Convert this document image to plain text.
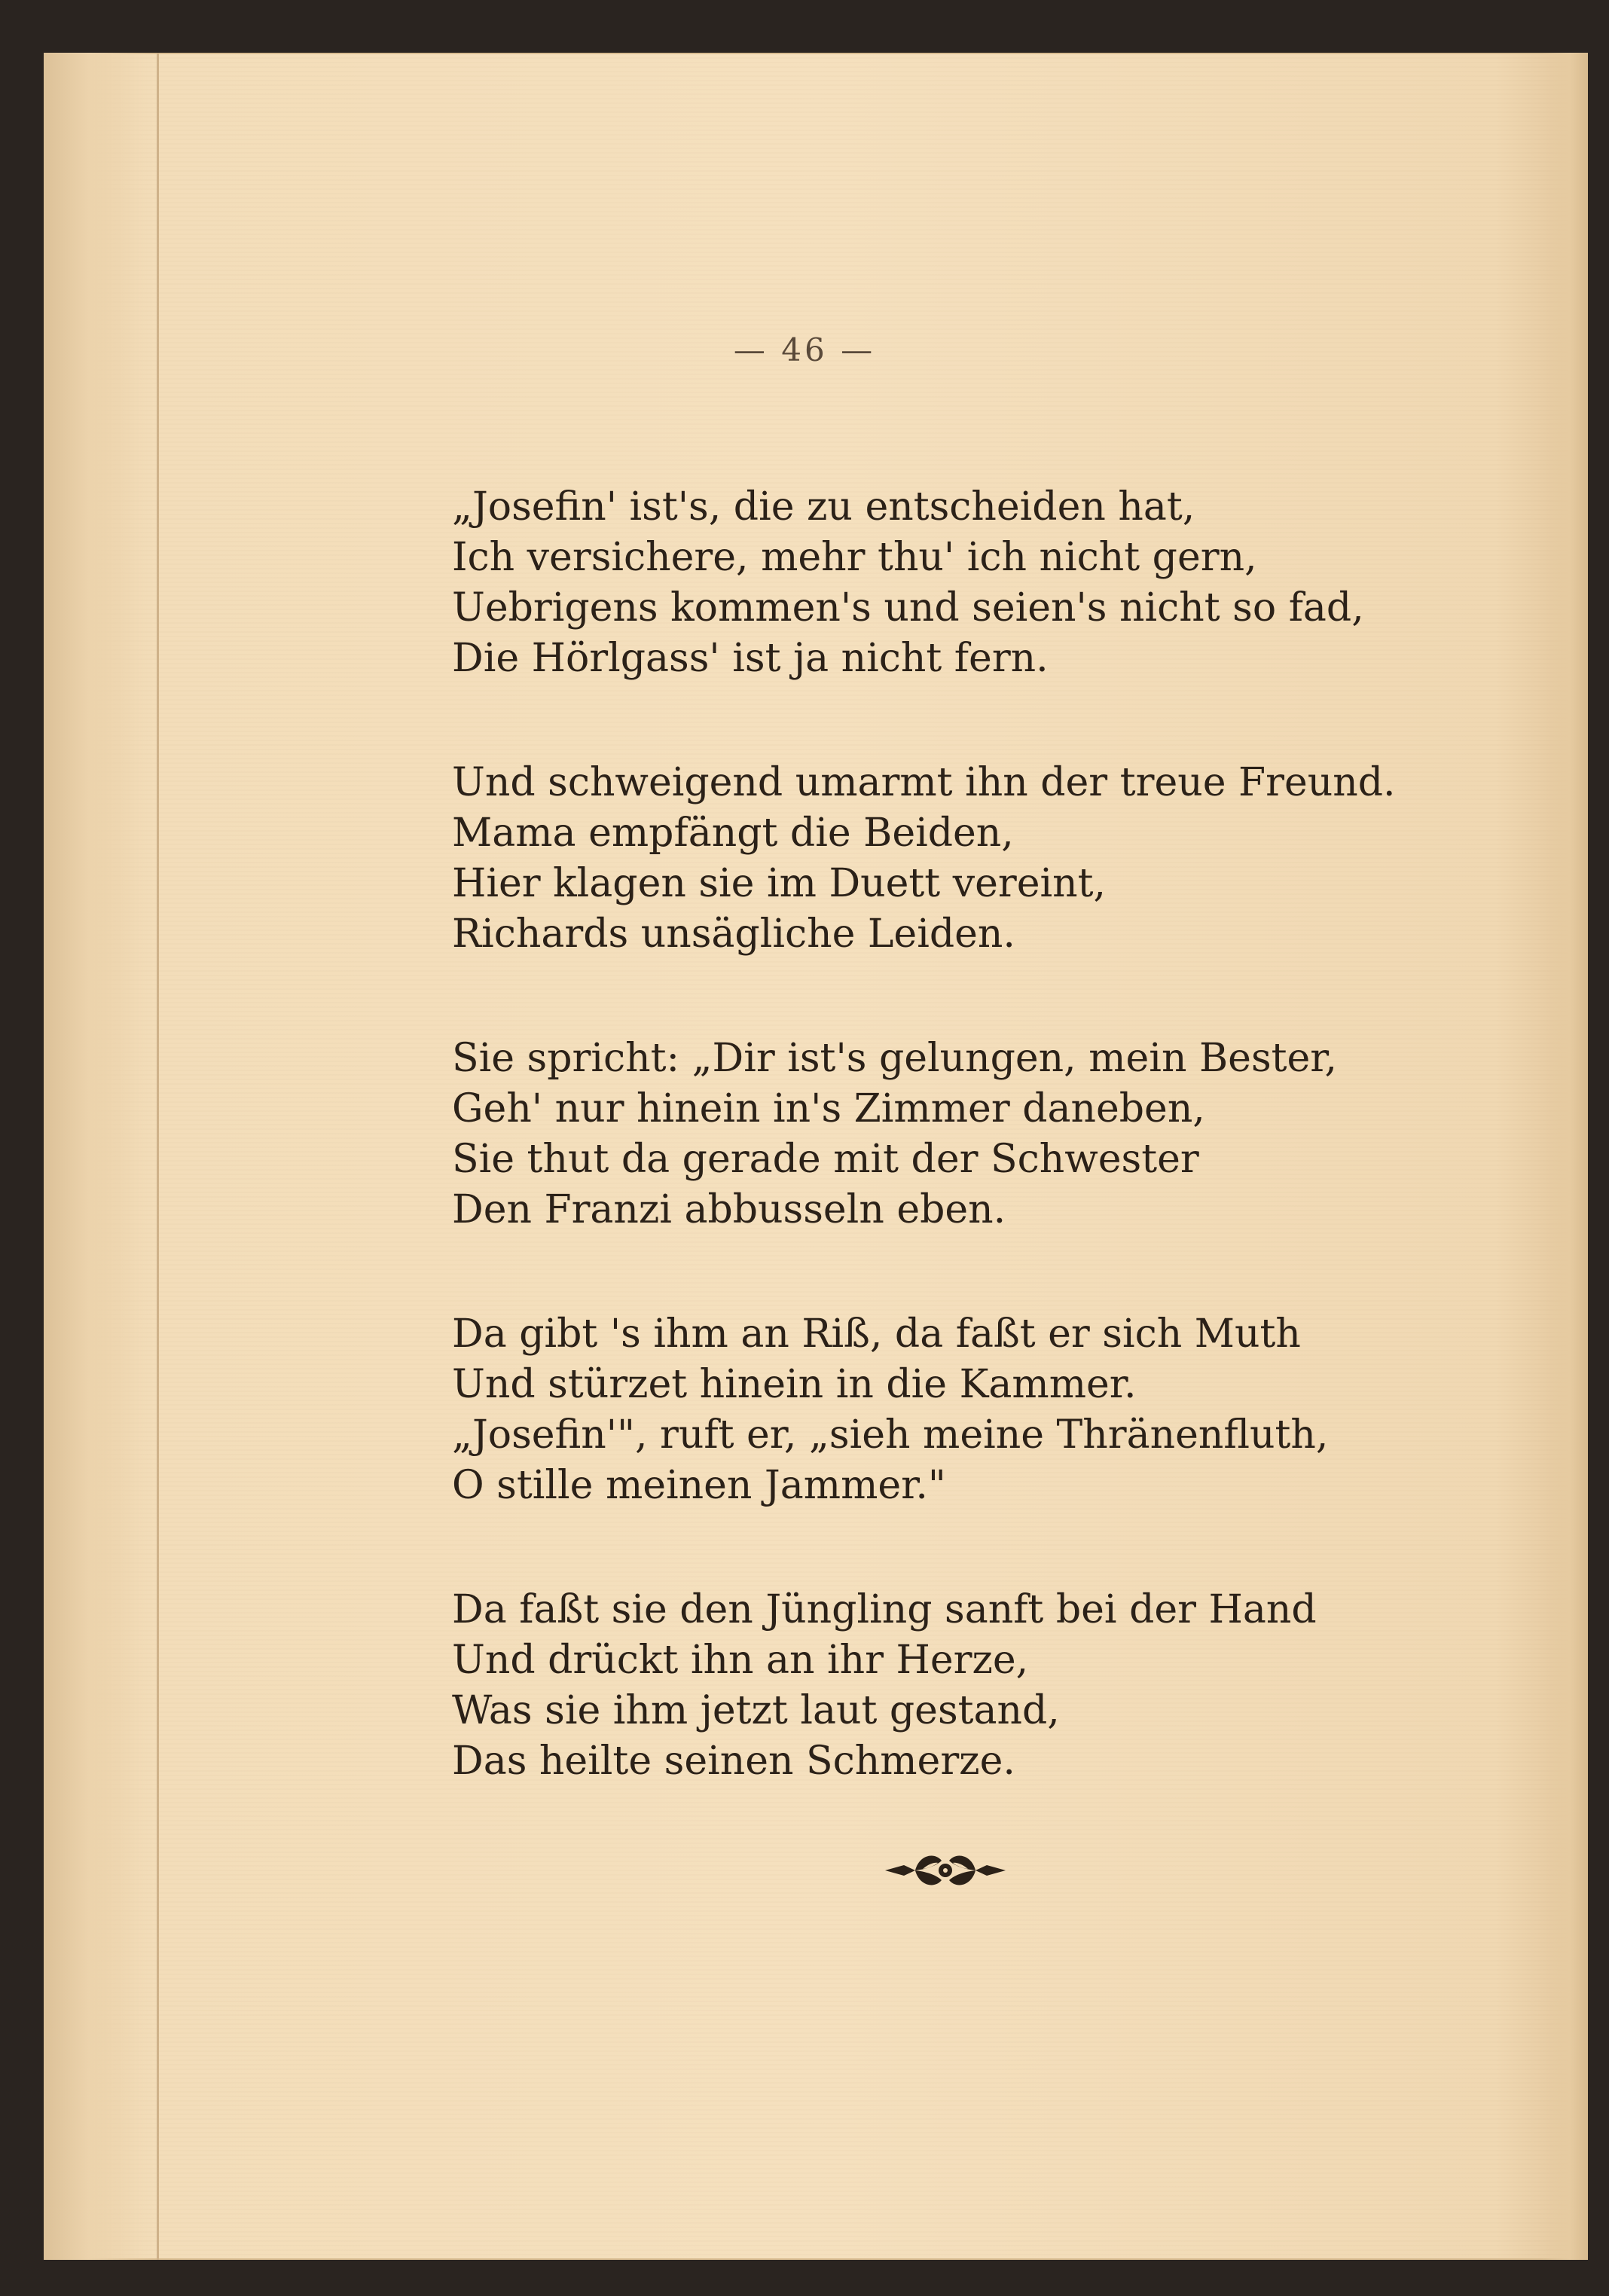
— 46 —
„Josefin' ist's, die zu entscheiden hat,
Ich versichere, mehr thu' ich nicht gern,
Uebrigens kommen's und seien's nicht so fad,
Die Hörlgass' ist ja nicht fern.
Und schweigend umarmt ihn der treue Freund.
Mama empfängt die Beiden,
Hier klagen sie im Duett vereint,
Richards unsägliche Leiden.
Sie spricht: „Dir ist's gelungen, mein Bester,
Geh' nur hinein in's Zimmer daneben,
Sie thut da gerade mit der Schwester
Den Franzi abbusseln eben.
Da gibt 's ihm an Riß, da faßt er sich Muth
Und stürzet hinein in die Kammer.
„Josefin'", ruft er, „sieh meine Thränenfluth,
O stille meinen Jammer."
Da faßt sie den Jüngling sanft bei der Hand
Und drückt ihn an ihr Herze,
Was sie ihm jetzt laut gestand,
Das heilte seinen Schmerze.
